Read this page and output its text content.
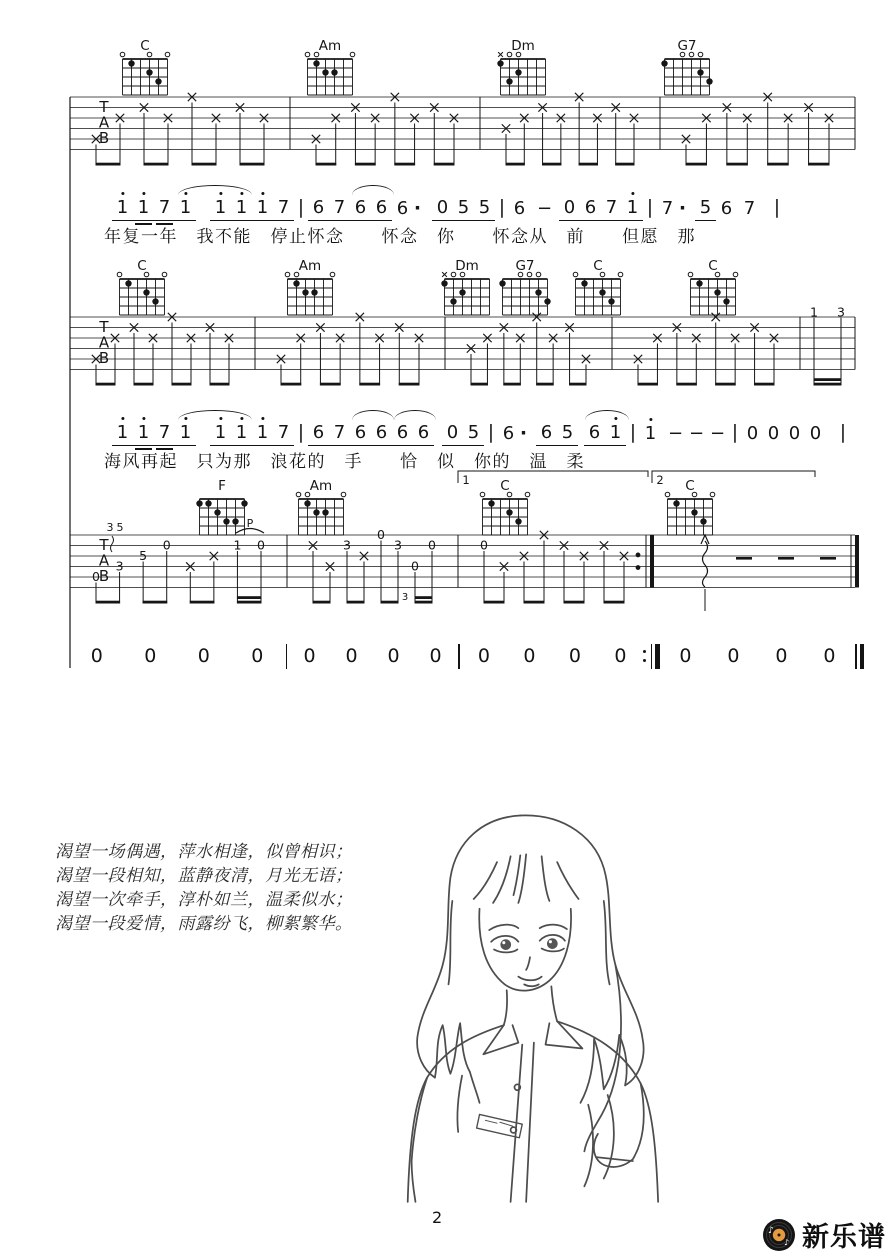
T
A
B
C	Am	Dm	G7
T
A
B
C	Am	Dm	G7	C	C
1 3
T
A
B
F	Am	C	C
0
3
5
0	1 0	3
0
3
0
0	0
3 5	P
3
1	2
1 1 7 1 1 1 1 7 | 6 7 6 6 6 · 0 5 5 | 6 − 0 6 7 1 | 7 · 5 6 7 |
年复一年　我不能　停止怀念　　怀念　你　　怀念从　前　　但愿　那
1 1 7 1 1 1 1 7 | 6 7 6 6 6 6 0 5 | 6 · 6 5 6 1 | 1 − − − | 0 0 0 0 |
海风再起　只为那　浪花的　手　　恰　似　你的　温　柔
0 0 0 0 0 0 0 0 0 0 0 0	0 0 0 0
渴望一场偶遇，萍水相逢，似曾相识；
渴望一段相知，蓝静夜清，月光无语；
渴望一次牵手，淳朴如兰，温柔似水；
渴望一段爱情，雨露纷飞，柳絮繁华。
2
♪
♪ 新乐谱
